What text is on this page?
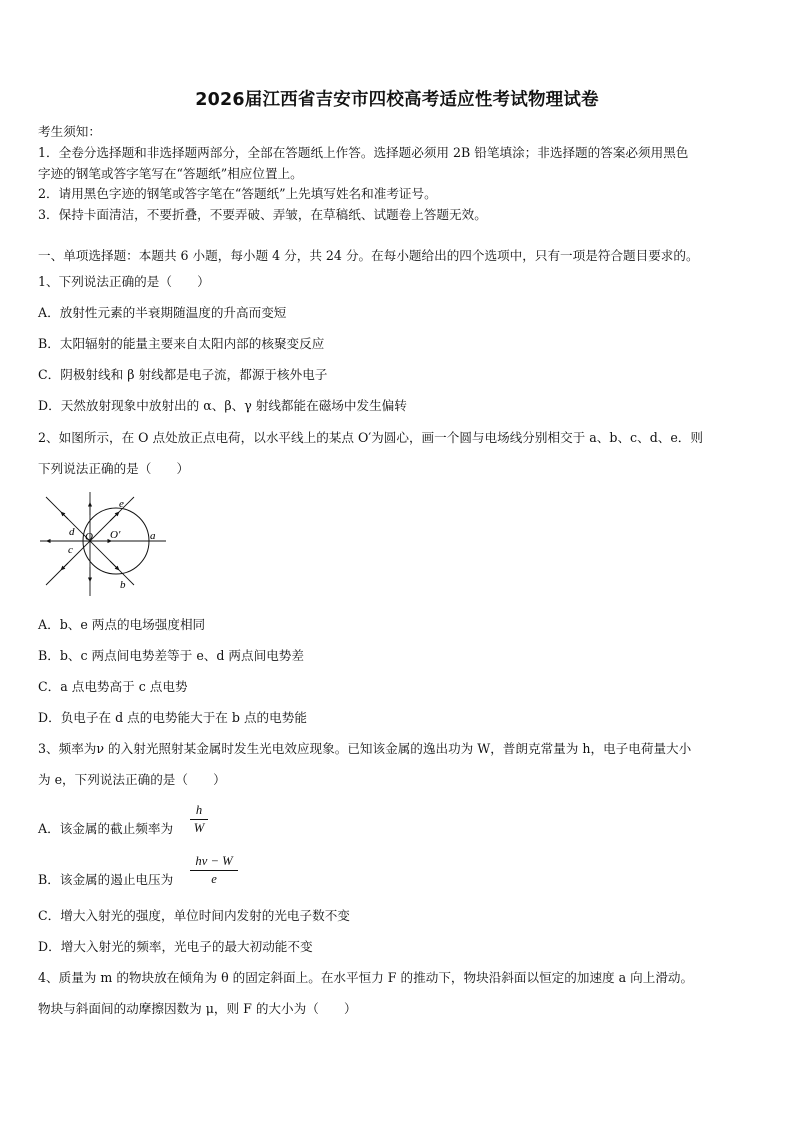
2026届江西省吉安市四校高考适应性考试物理试卷
考生须知：
1．全卷分选择题和非选择题两部分，全部在答题纸上作答。选择题必须用 2B 铅笔填涂；非选择题的答案必须用黑色
字迹的钢笔或答字笔写在“答题纸”相应位置上。
2．请用黑色字迹的钢笔或答字笔在“答题纸”上先填写姓名和准考证号。
3．保持卡面清洁，不要折叠，不要弄破、弄皱，在草稿纸、试题卷上答题无效。
一、单项选择题：本题共 6 小题，每小题 4 分，共 24 分。在每小题给出的四个选项中，只有一项是符合题目要求的。
1、下列说法正确的是（　　）
A．放射性元素的半衰期随温度的升高而变短
B．太阳辐射的能量主要来自太阳内部的核聚变反应
C．阴极射线和 β 射线都是电子流，都源于核外电子
D．天然放射现象中放射出的 α、β、γ 射线都能在磁场中发生偏转
2、如图所示，在 O 点处放正点电荷，以水平线上的某点 O′为圆心，画一个圆与电场线分别相交于 a、b、c、d、e．则
下列说法正确的是（　　）
O O′	a
b
c
d
e
A．b、e 两点的电场强度相同
B．b、c 两点间电势差等于 e、d 两点间电势差
C．a 点电势高于 c 点电势
D．负电子在 d 点的电势能大于在 b 点的电势能
3、频率为ν 的入射光照射某金属时发生光电效应现象。已知该金属的逸出功为 W，普朗克常量为 h，电子电荷量大小
为 e，下列说法正确的是（　　）
A．该金属的截止频率为
h
W
B．该金属的遏止电压为
hν − W
e
C．增大入射光的强度，单位时间内发射的光电子数不变
D．增大入射光的频率，光电子的最大初动能不变
4、质量为 m 的物块放在倾角为 θ 的固定斜面上。在水平恒力 F 的推动下，物块沿斜面以恒定的加速度 a 向上滑动。
物块与斜面间的动摩擦因数为 μ，则 F 的大小为（　　）
